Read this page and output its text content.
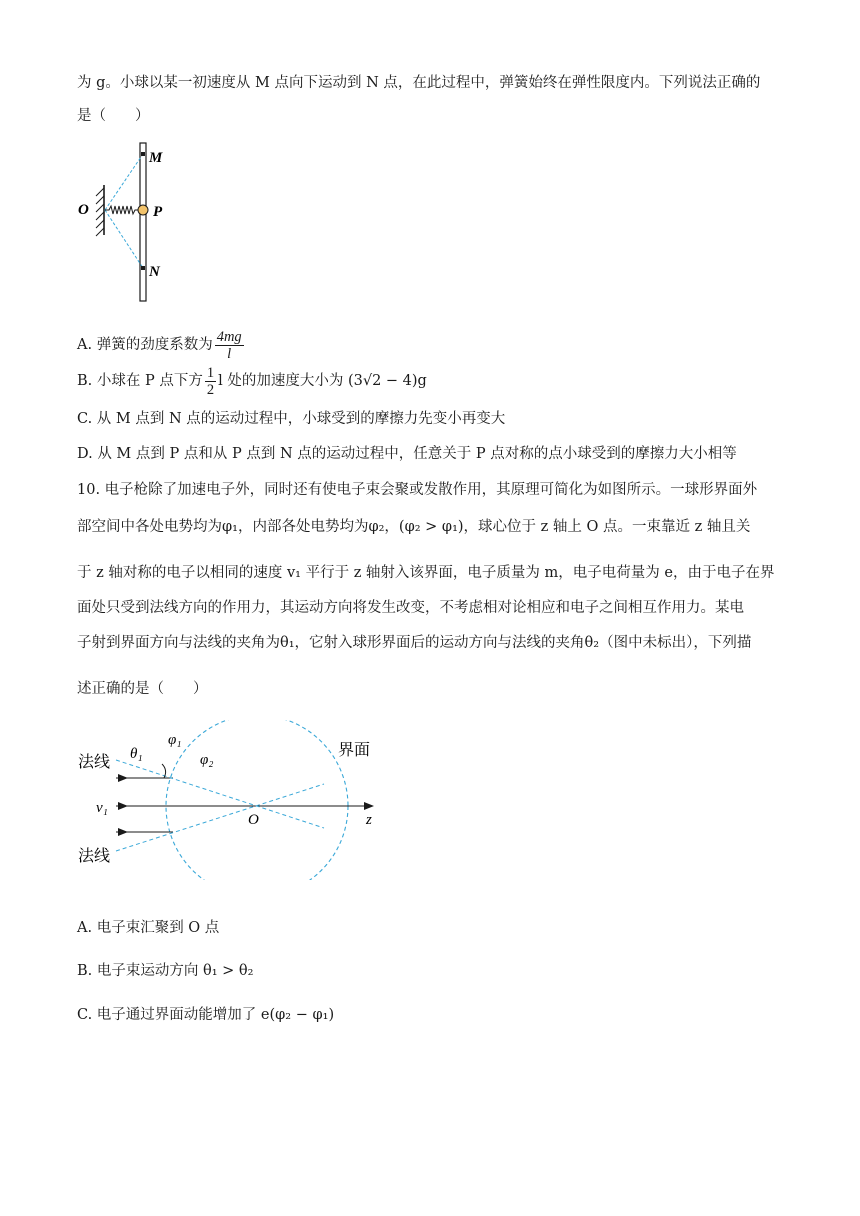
为 g。小球以某一初速度从 M 点向下运动到 N 点，在此过程中，弹簧始终在弹性限度内。下列说法正确的
是（　　）
M
O	P
N
A. 弹簧的劲度系数为 $\frac{4mg}{l}$
B. 小球在 P 点下方 $\frac{1}{2}$ l 处的加速度大小为 (3√2 − 4)g
C. 从 M 点到 N 点的运动过程中，小球受到的摩擦力先变小再变大
D. 从 M 点到 P 点和从 P 点到 N 点的运动过程中，任意关于 P 点对称的点小球受到的摩擦力大小相等
10. 电子枪除了加速电子外，同时还有使电子束会聚或发散作用，其原理可简化为如图所示。一球形界面外
部空间中各处电势均为φ₁，内部各处电势均为φ₂，(φ₂ > φ₁)，球心位于 z 轴上 O 点。一束靠近 z 轴且关
于 z 轴对称的电子以相同的速度 v₁ 平行于 z 轴射入该界面，电子质量为 m，电子电荷量为 e，由于电子在界
面处只受到法线方向的作用力，其运动方向将发生改变，不考虑相对论相应和电子之间相互作用力。某电
子射到界面方向与法线的夹角为θ₁，它射入球形界面后的运动方向与法线的夹角θ₂（图中未标出），下列描
述正确的是（　　）
φ₁
φ₂
θ₁	界面
法线
法线
v₁
O	z
A. 电子束汇聚到 O 点
B. 电子束运动方向 θ₁ > θ₂
C. 电子通过界面动能增加了 e(φ₂ − φ₁)
